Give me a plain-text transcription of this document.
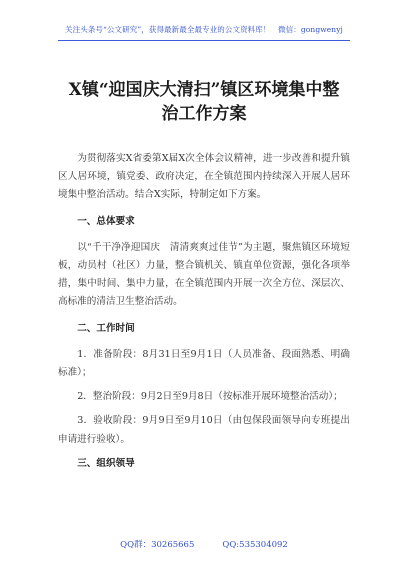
关注头条号“公文研究”，获得最新最全最专业的公文资料库！　微信：gongwenyj
X镇“迎国庆大清扫”镇区环境集中整
治工作方案

为贯彻落实X省委第X届X次全体会议精神，进一步改善和提升镇区人居环境，镇党委、政府决定，在全镇范围内持续深入开展人居环境集中整治活动。结合X实际，特制定如下方案。

一、总体要求

以“千干净净迎国庆　清清爽爽过佳节”为主题，聚焦镇区环境短板，动员村（社区）力量，整合镇机关、镇直单位资源，强化各项举措，集中时间、集中力量，在全镇范围内开展一次全方位、深层次、高标准的清洁卫生整治活动。

二、工作时间

1．准备阶段：8月31日至9月1日（人员准备、段面熟悉、明确标准）；

2．整治阶段：9月2日至9月8日（按标准开展环境整治活动）；

3．验收阶段：9月9日至9月10日（由包保段面领导向专班提出申请进行验收）。

三、组织领导

QQ群：30265665	QQ:535304092
